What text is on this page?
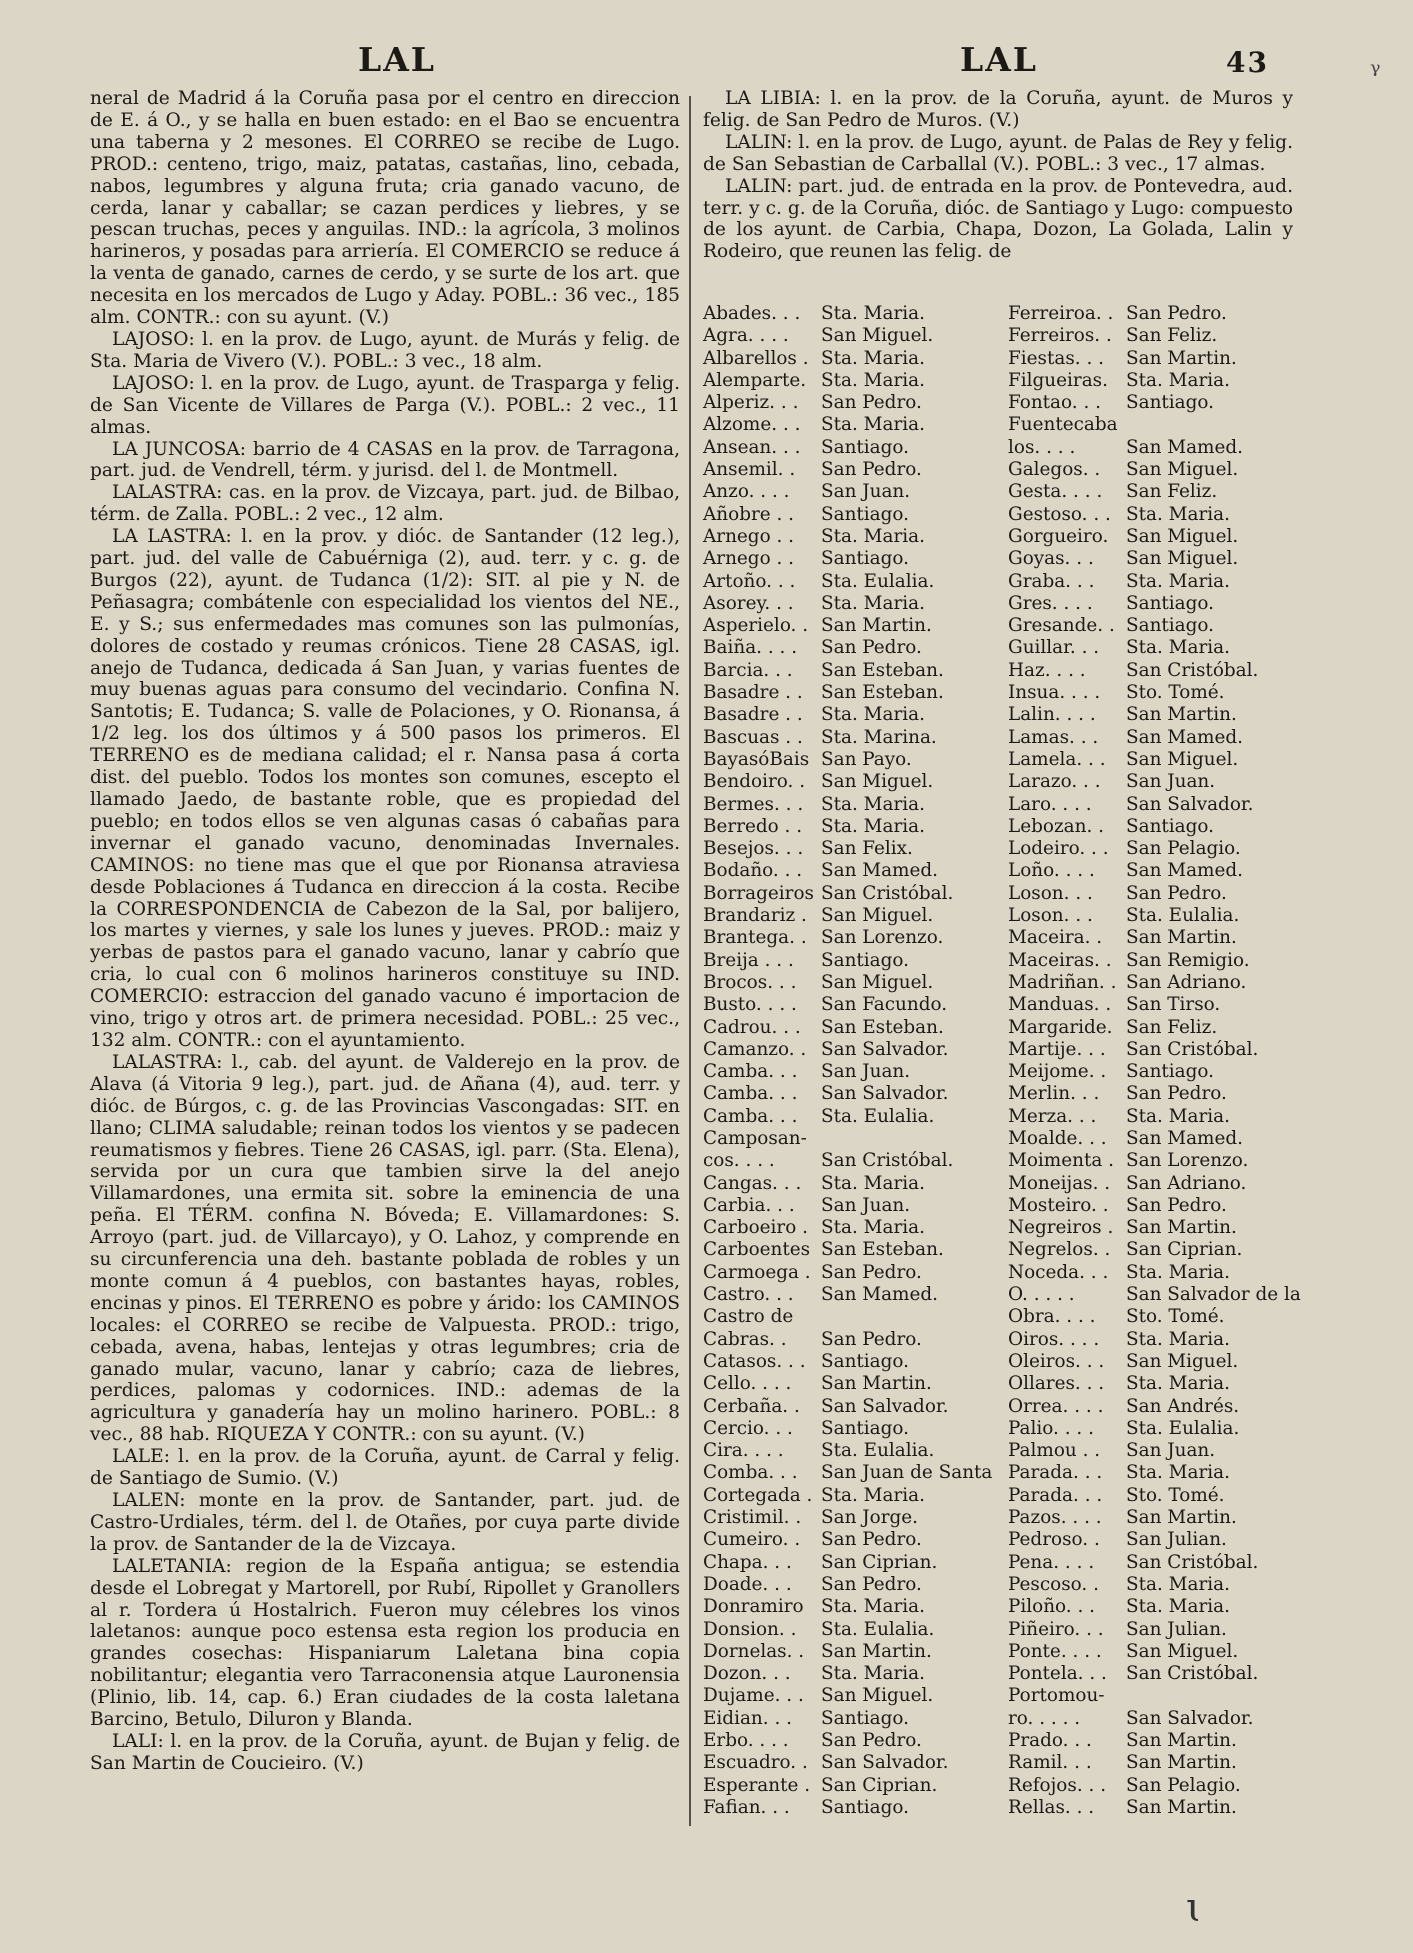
LAL	LAL	43	ᵞ
ꙇ

neral de Madrid á la Coruña pasa por el centro en direccion de E. á O., y se halla en buen estado: en el Bao se encuentra una taberna y 2 mesones. El CORREO se recibe de Lugo. PROD.: centeno, trigo, maiz, patatas, castañas, lino, cebada, nabos, legumbres y alguna fruta; cria ganado vacuno, de cerda, lanar y caballar; se cazan perdices y liebres, y se pescan truchas, peces y anguilas. IND.: la agrícola, 3 molinos harineros, y posadas para arriería. El COMERCIO se reduce á la venta de ganado, carnes de cerdo, y se surte de los art. que necesita en los mercados de Lugo y Aday. POBL.: 36 vec., 185 alm. CONTR.: con su ayunt. (V.)

LAJOSO: l. en la prov. de Lugo, ayunt. de Murás y felig. de Sta. Maria de Vivero (V.). POBL.: 3 vec., 18 alm.

LAJOSO: l. en la prov. de Lugo, ayunt. de Trasparga y felig. de San Vicente de Villares de Parga (V.). POBL.: 2 vec., 11 almas.

LA JUNCOSA: barrio de 4 CASAS en la prov. de Tarragona, part. jud. de Vendrell, térm. y jurisd. del l. de Montmell.

LALASTRA: cas. en la prov. de Vizcaya, part. jud. de Bilbao, térm. de Zalla. POBL.: 2 vec., 12 alm.

LA LASTRA: l. en la prov. y dióc. de Santander (12 leg.), part. jud. del valle de Cabuérniga (2), aud. terr. y c. g. de Burgos (22), ayunt. de Tudanca (1/2): SIT. al pie y N. de Peñasagra; combátenle con especialidad los vientos del NE., E. y S.; sus enfermedades mas comunes son las pulmonías, dolores de costado y reumas crónicos. Tiene 28 CASAS, igl. anejo de Tudanca, dedicada á San Juan, y varias fuentes de muy buenas aguas para consumo del vecindario. Confina N. Santotis; E. Tudanca; S. valle de Polaciones, y O. Rionansa, á 1/2 leg. los dos últimos y á 500 pasos los primeros. El TERRENO es de mediana calidad; el r. Nansa pasa á corta dist. del pueblo. Todos los montes son comunes, escepto el llamado Jaedo, de bastante roble, que es propiedad del pueblo; en todos ellos se ven algunas casas ó cabañas para invernar el ganado vacuno, denominadas Invernales. CAMINOS: no tiene mas que el que por Rionansa atraviesa desde Poblaciones á Tudanca en direccion á la costa. Recibe la CORRESPONDENCIA de Cabezon de la Sal, por balijero, los martes y viernes, y sale los lunes y jueves. PROD.: maiz y yerbas de pastos para el ganado vacuno, lanar y cabrío que cria, lo cual con 6 molinos harineros constituye su IND. COMERCIO: estraccion del ganado vacuno é importacion de vino, trigo y otros art. de primera necesidad. POBL.: 25 vec., 132 alm. CONTR.: con el ayuntamiento.

LALASTRA: l., cab. del ayunt. de Valderejo en la prov. de Alava (á Vitoria 9 leg.), part. jud. de Añana (4), aud. terr. y dióc. de Búrgos, c. g. de las Provincias Vascongadas: SIT. en llano; CLIMA saludable; reinan todos los vientos y se padecen reumatismos y fiebres. Tiene 26 CASAS, igl. parr. (Sta. Elena), servida por un cura que tambien sirve la del anejo Villamardones, una ermita sit. sobre la eminencia de una peña. El TÉRM. confina N. Bóveda; E. Villamardones: S. Arroyo (part. jud. de Villarcayo), y O. Lahoz, y comprende en su circunferencia una deh. bastante poblada de robles y un monte comun á 4 pueblos, con bastantes hayas, robles, encinas y pinos. El TERRENO es pobre y árido: los CAMINOS locales: el CORREO se recibe de Valpuesta. PROD.: trigo, cebada, avena, habas, lentejas y otras legumbres; cria de ganado mular, vacuno, lanar y cabrío; caza de liebres, perdices, palomas y codornices. IND.: ademas de la agricultura y ganadería hay un molino harinero. POBL.: 8 vec., 88 hab. RIQUEZA Y CONTR.: con su ayunt. (V.)

LALE: l. en la prov. de la Coruña, ayunt. de Carral y felig. de Santiago de Sumio. (V.)

LALEN: monte en la prov. de Santander, part. jud. de Castro-Urdiales, térm. del l. de Otañes, por cuya parte divide la prov. de Santander de la de Vizcaya.

LALETANIA: region de la España antigua; se estendia desde el Lobregat y Martorell, por Rubí, Ripollet y Granollers al r. Tordera ú Hostalrich. Fueron muy célebres los vinos laletanos: aunque poco estensa esta region los producia en grandes cosechas: Hispaniarum Laletana bina copia nobilitantur; elegantia vero Tarraconensia atque Lauronensia (Plinio, lib. 14, cap. 6.) Eran ciudades de la costa laletana Barcino, Betulo, Diluron y Blanda.

LALI: l. en la prov. de la Coruña, ayunt. de Bujan y felig. de San Martin de Coucieiro. (V.)

LA LIBIA: l. en la prov. de la Coruña, ayunt. de Muros y felig. de San Pedro de Muros. (V.)

LALIN: l. en la prov. de Lugo, ayunt. de Palas de Rey y felig. de San Sebastian de Carballal (V.). POBL.: 3 vec., 17 almas.

LALIN: part. jud. de entrada en la prov. de Pontevedra, aud. terr. y c. g. de la Coruña, dióc. de Santiago y Lugo: compuesto de los ayunt. de Carbia, Chapa, Dozon, La Golada, Lalin y Rodeiro, que reunen las felig. de

Abades. . . Sta. Maria.
Agra. . . . San Miguel.
Albarellos . Sta. Maria.
Alemparte. Sta. Maria.
Alperiz. . . San Pedro.
Alzome. . . Sta. Maria.
Ansean. . . Santiago.
Ansemil. . San Pedro.
Anzo. . . . San Juan.
Añobre . . Santiago.
Arnego . . Sta. Maria.
Arnego . . Santiago.
Artoño. . . Sta. Eulalia.
Asorey. . . Sta. Maria.
Asperielo. . San Martin.
Baiña. . . . San Pedro.
Barcia. . . San Esteban.
Basadre . . San Esteban.
Basadre . . Sta. Maria.
Bascuas . . Sta. Marina.
BayasóBais San Payo.
Bendoiro. . San Miguel.
Bermes. . . Sta. Maria.
Berredo . . Sta. Maria.
Besejos. . . San Felix.
Bodaño. . . San Mamed.
Borrageiros San Cristóbal.
Brandariz . San Miguel.
Brantega. . San Lorenzo.
Breija . . . Santiago.
Brocos. . . San Miguel.
Busto. . . . San Facundo.
Cadrou. . . San Esteban.
Camanzo. . San Salvador.
Camba. . . San Juan.
Camba. . . San Salvador.
Camba. . . Sta. Eulalia.
Camposan-
cos. . . .	San Cristóbal.
Cangas. . . Sta. Maria.
Carbia. . . San Juan.
Carboeiro . Sta. Maria.
Carboentes San Esteban.
Carmoega . San Pedro.
Castro. . . San Mamed.
Castro de
Cabras. . San Pedro.
Catasos. . . Santiago.
Cello. . . . San Martin.
Cerbaña. . San Salvador.
Cercio. . . Santiago.
Cira. . . . Sta. Eulalia.
Comba. . . San Juan de Santa
Cortegada . Sta. Maria.
Cristimil. . San Jorge.
Cumeiro. . San Pedro.
Chapa. . . San Ciprian.
Doade. . . San Pedro.
Donramiro Sta. Maria.
Donsion. . Sta. Eulalia.
Dornelas. . San Martin.
Dozon. . . Sta. Maria.
Dujame. . . San Miguel.
Eidian. . . Santiago.
Erbo. . . . San Pedro.
Escuadro. . San Salvador.
Esperante . San Ciprian.
Fafian. . . Santiago.
Ferreiroa. . San Pedro.
Ferreiros. . San Feliz.
Fiestas. . . San Martin.
Filgueiras. Sta. Maria.
Fontao. . . Santiago.
Fuentecaba
los. . . .	San Mamed.
Galegos. . San Miguel.
Gesta. . . . San Feliz.
Gestoso. . . Sta. Maria.
Gorgueiro. San Miguel.
Goyas. . . San Miguel.
Graba. . . Sta. Maria.
Gres. . . . Santiago.
Gresande. . Santiago.
Guillar. . . Sta. Maria.
Haz. . . . San Cristóbal.
Insua. . . . Sto. Tomé.
Lalin. . . . San Martin.
Lamas. . . San Mamed.
Lamela. . . San Miguel.
Larazo. . . San Juan.
Laro. . . . San Salvador.
Lebozan. . Santiago.
Lodeiro. . . San Pelagio.
Loño. . . . San Mamed.
Loson. . . San Pedro.
Loson. . . Sta. Eulalia.
Maceira. . San Martin.
Maceiras. . San Remigio.
Madriñan. . San Adriano.
Manduas. . San Tirso.
Margaride. San Feliz.
Martije. . . San Cristóbal.
Meijome. . Santiago.
Merlin. . . San Pedro.
Merza. . . Sta. Maria.
Moalde. . . San Mamed.
Moimenta . San Lorenzo.
Moneijas. . San Adriano.
Mosteiro. . San Pedro.
Negreiros . San Martin.
Negrelos. . San Ciprian.
Noceda. . . Sta. Maria.
O. . . . .	San Salvador de la
Obra. . . . Sto. Tomé.
Oiros. . . . Sta. Maria.
Oleiros. . . San Miguel.
Ollares. . . Sta. Maria.
Orrea. . . . San Andrés.
Palio. . . . Sta. Eulalia.
Palmou . . San Juan.
Parada. . . Sta. Maria.
Parada. . . Sto. Tomé.
Pazos. . . . San Martin.
Pedroso. . San Julian.
Pena. . . . San Cristóbal.
Pescoso. . Sta. Maria.
Piloño. . . Sta. Maria.
Piñeiro. . . San Julian.
Ponte. . . . San Miguel.
Pontela. . . San Cristóbal.
Portomou-
ro. . . . . San Salvador.
Prado. . . San Martin.
Ramil. . . San Martin.
Refojos. . . San Pelagio.
Rellas. . . San Martin.
